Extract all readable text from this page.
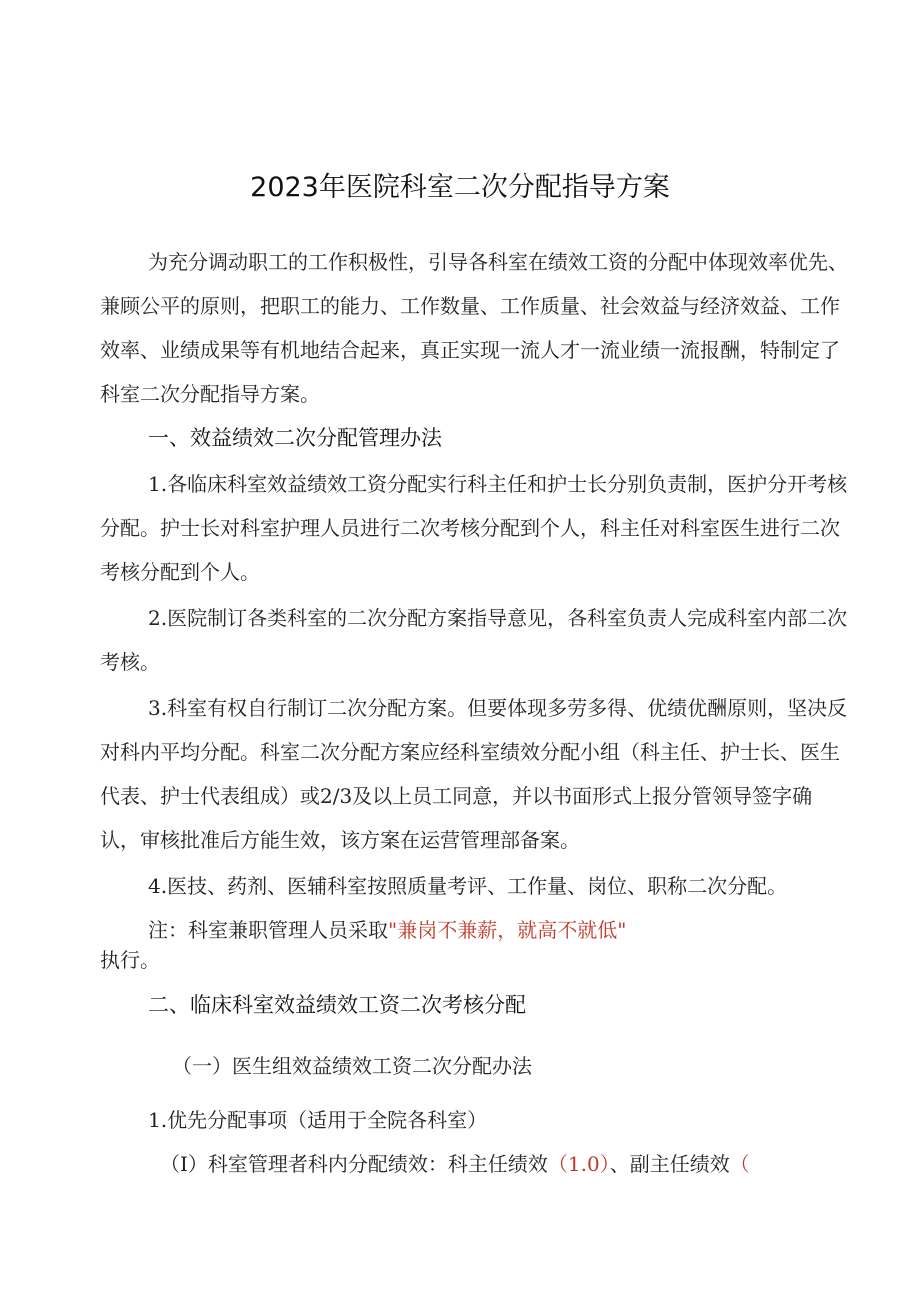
2023年医院科室二次分配指导方案

为充分调动职工的工作积极性，引导各科室在绩效工资的分配中体现效率优先、兼顾公平的原则，把职工的能力、工作数量、工作质量、社会效益与经济效益、工作效率、业绩成果等有机地结合起来，真正实现一流人才一流业绩一流报酬，特制定了科室二次分配指导方案。

一、效益绩效二次分配管理办法

1.各临床科室效益绩效工资分配实行科主任和护士长分别负责制，医护分开考核分配。护士长对科室护理人员进行二次考核分配到个人，科主任对科室医生进行二次考核分配到个人。

2.医院制订各类科室的二次分配方案指导意见，各科室负责人完成科室内部二次考核。

3.科室有权自行制订二次分配方案。但要体现多劳多得、优绩优酬原则，坚决反对科内平均分配。科室二次分配方案应经科室绩效分配小组（科主任、护士长、医生代表、护士代表组成）或2/3及以上员工同意，并以书面形式上报分管领导签字确认，审核批准后方能生效，该方案在运营管理部备案。

4.医技、药剂、医辅科室按照质量考评、工作量、岗位、职称二次分配。

注：科室兼职管理人员采取"兼岗不兼薪，就高不就低"

执行。

二、临床科室效益绩效工资二次考核分配

（一）医生组效益绩效工资二次分配办法

1.优先分配事项（适用于全院各科室）

（I）科室管理者科内分配绩效：科主任绩效（1.0）、副主任绩效（
